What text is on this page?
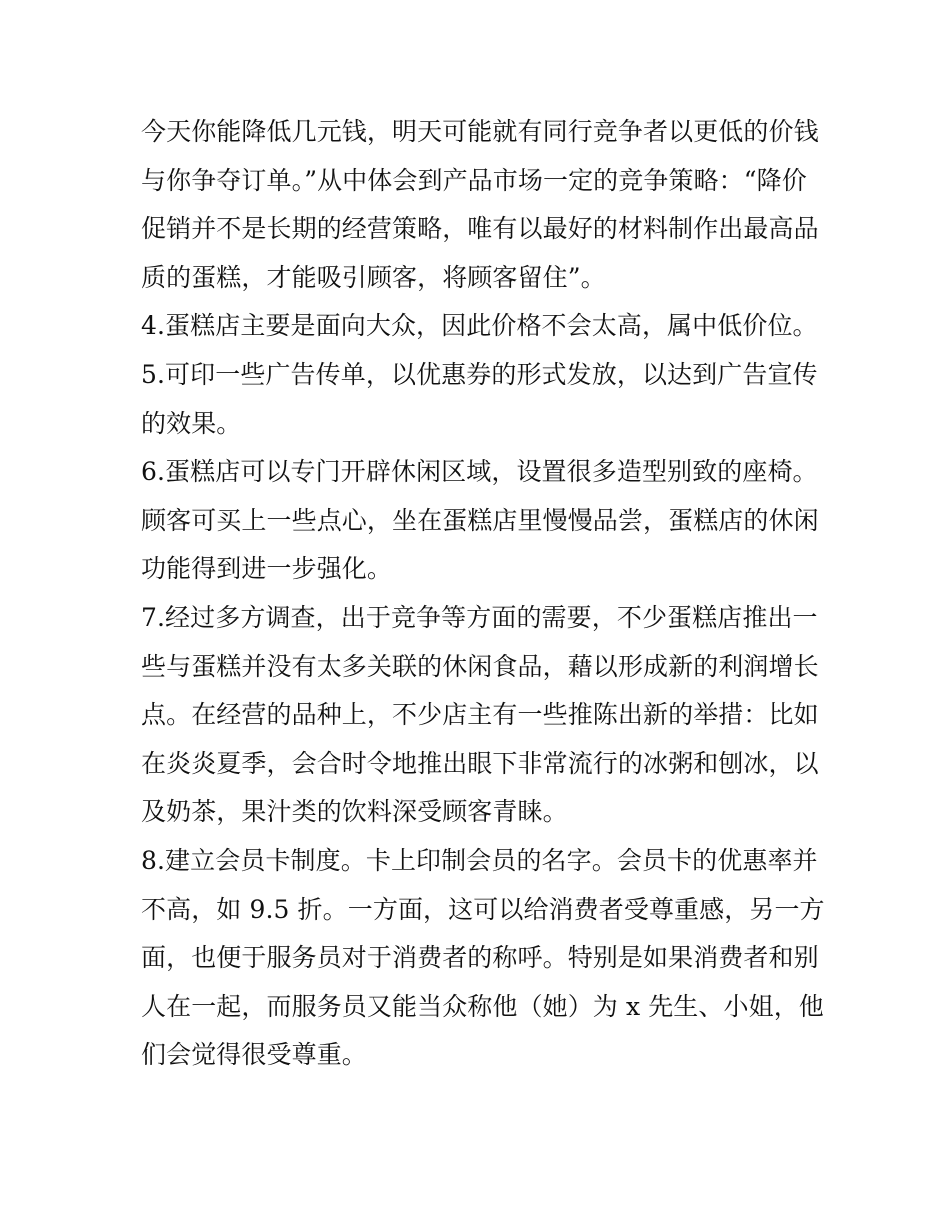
今天你能降低几元钱，明天可能就有同行竞争者以更低的价钱
与你争夺订单。”从中体会到产品市场一定的竞争策略：“降价
促销并不是长期的经营策略，唯有以最好的材料制作出最高品
质的蛋糕，才能吸引顾客，将顾客留住”。
4.蛋糕店主要是面向大众，因此价格不会太高，属中低价位。
5.可印一些广告传单，以优惠券的形式发放，以达到广告宣传
的效果。
6.蛋糕店可以专门开辟休闲区域，设置很多造型别致的座椅。
顾客可买上一些点心，坐在蛋糕店里慢慢品尝，蛋糕店的休闲
功能得到进一步强化。
7.经过多方调查，出于竞争等方面的需要，不少蛋糕店推出一
些与蛋糕并没有太多关联的休闲食品，藉以形成新的利润增长
点。在经营的品种上，不少店主有一些推陈出新的举措：比如
在炎炎夏季，会合时令地推出眼下非常流行的冰粥和刨冰，以
及奶茶，果汁类的饮料深受顾客青睐。
8.建立会员卡制度。卡上印制会员的名字。会员卡的优惠率并
不高，如 9.5 折。一方面，这可以给消费者受尊重感，另一方
面，也便于服务员对于消费者的称呼。特别是如果消费者和别
人在一起，而服务员又能当众称他（她）为 x 先生、小姐，他
们会觉得很受尊重。
